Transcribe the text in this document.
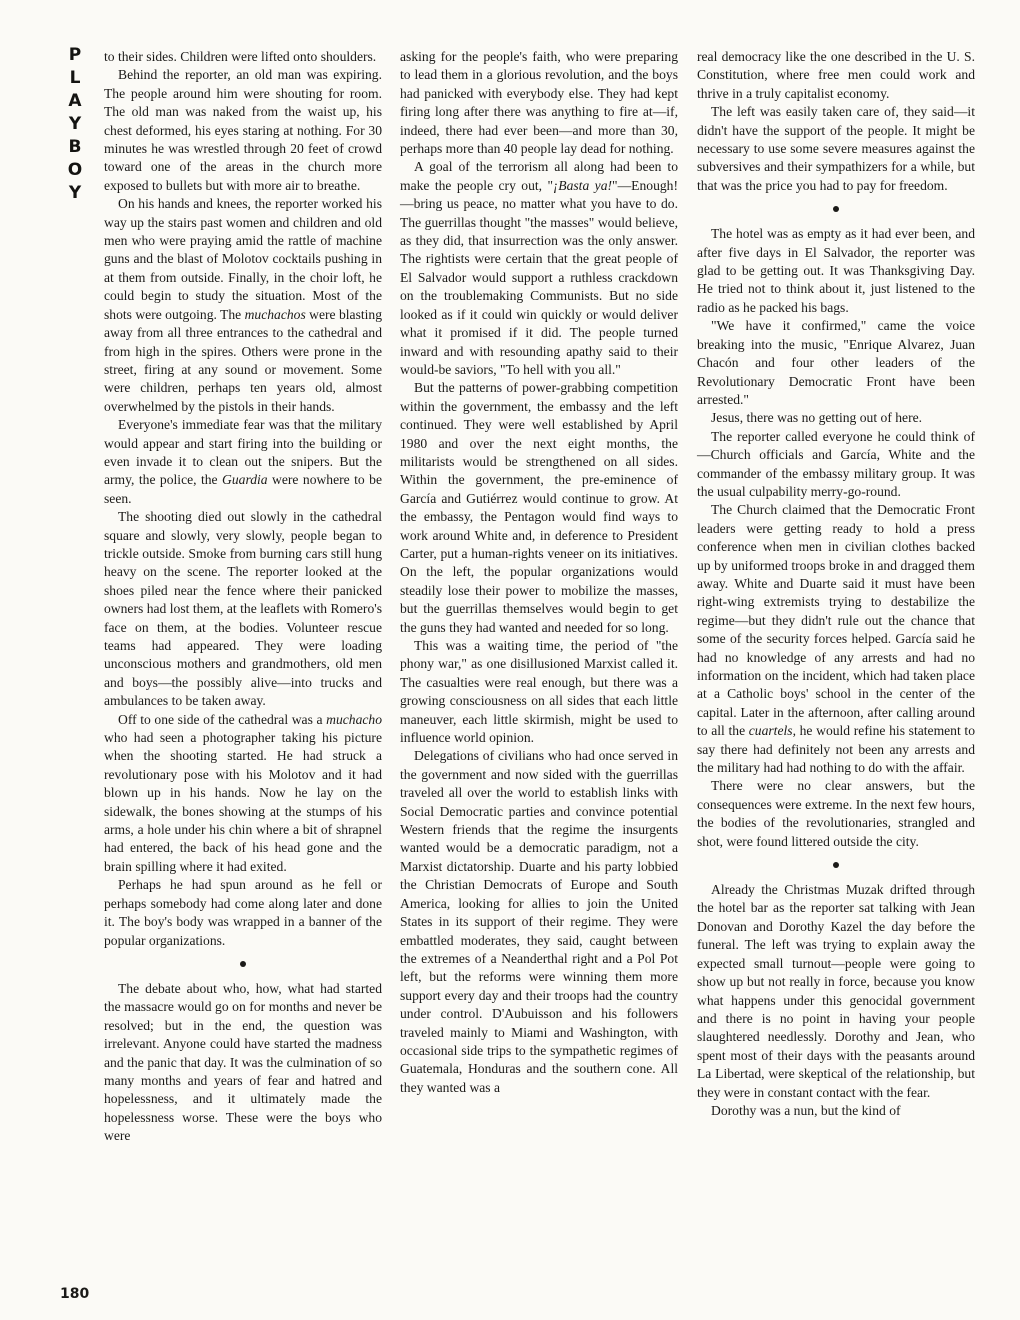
P
L
A
Y
B
O
Y

to their sides. Children were lifted onto shoulders.

Behind the reporter, an old man was expiring. The people around him were shouting for room. The old man was naked from the waist up, his chest deformed, his eyes staring at nothing. For 30 minutes he was wrestled through 20 feet of crowd toward one of the areas in the church more exposed to bullets but with more air to breathe.

On his hands and knees, the reporter worked his way up the stairs past women and children and old men who were praying amid the rattle of machine guns and the blast of Molotov cocktails pushing in at them from outside. Finally, in the choir loft, he could begin to study the situation. Most of the shots were outgoing. The muchachos were blasting away from all three entrances to the cathedral and from high in the spires. Others were prone in the street, firing at any sound or movement. Some were children, perhaps ten years old, almost overwhelmed by the pistols in their hands.

Everyone's immediate fear was that the military would appear and start firing into the building or even invade it to clean out the snipers. But the army, the police, the Guardia were nowhere to be seen.

The shooting died out slowly in the cathedral square and slowly, very slowly, people began to trickle outside. Smoke from burning cars still hung heavy on the scene. The reporter looked at the shoes piled near the fence where their panicked owners had lost them, at the leaflets with Romero's face on them, at the bodies. Volunteer rescue teams had appeared. They were loading unconscious mothers and grandmothers, old men and boys—the possibly alive—into trucks and ambulances to be taken away.

Off to one side of the cathedral was a muchacho who had seen a photographer taking his picture when the shooting started. He had struck a revolutionary pose with his Molotov and it had blown up in his hands. Now he lay on the sidewalk, the bones showing at the stumps of his arms, a hole under his chin where a bit of shrapnel had entered, the back of his head gone and the brain spilling where it had exited.

Perhaps he had spun around as he fell or perhaps somebody had come along later and done it. The boy's body was wrapped in a banner of the popular organizations.

The debate about who, how, what had started the massacre would go on for months and never be resolved; but in the end, the question was irrelevant. Anyone could have started the madness and the panic that day. It was the culmination of so many months and years of fear and hatred and hopelessness, and it ultimately made the hopelessness worse. These were the boys who were

asking for the people's faith, who were preparing to lead them in a glorious revolution, and the boys had panicked with everybody else. They had kept firing long after there was anything to fire at—if, indeed, there had ever been—and more than 30, perhaps more than 40 people lay dead for nothing.

A goal of the terrorism all along had been to make the people cry out, "¡Basta ya!"—Enough!—bring us peace, no matter what you have to do. The guerrillas thought "the masses" would believe, as they did, that insurrection was the only answer. The rightists were certain that the great people of El Salvador would support a ruthless crackdown on the troublemaking Communists. But no side looked as if it could win quickly or would deliver what it promised if it did. The people turned inward and with resounding apathy said to their would-be saviors, "To hell with you all."

But the patterns of power-grabbing competition within the government, the embassy and the left continued. They were well established by April 1980 and over the next eight months, the militarists would be strengthened on all sides. Within the government, the pre-eminence of García and Gutiérrez would continue to grow. At the embassy, the Pentagon would find ways to work around White and, in deference to President Carter, put a human-rights veneer on its initiatives. On the left, the popular organizations would steadily lose their power to mobilize the masses, but the guerrillas themselves would begin to get the guns they had wanted and needed for so long.

This was a waiting time, the period of "the phony war," as one disillusioned Marxist called it. The casualties were real enough, but there was a growing consciousness on all sides that each little maneuver, each little skirmish, might be used to influence world opinion.

Delegations of civilians who had once served in the government and now sided with the guerrillas traveled all over the world to establish links with Social Democratic parties and convince potential Western friends that the regime the insurgents wanted would be a democratic paradigm, not a Marxist dictatorship. Duarte and his party lobbied the Christian Democrats of Europe and South America, looking for allies to join the United States in its support of their regime. They were embattled moderates, they said, caught between the extremes of a Neanderthal right and a Pol Pot left, but the reforms were winning them more support every day and their troops had the country under control. D'Aubuisson and his followers traveled mainly to Miami and Washington, with occasional side trips to the sympathetic regimes of Guatemala, Honduras and the southern cone. All they wanted was a

real democracy like the one described in the U. S. Constitution, where free men could work and thrive in a truly capitalist economy.

The left was easily taken care of, they said—it didn't have the support of the people. It might be necessary to use some severe measures against the subversives and their sympathizers for a while, but that was the price you had to pay for freedom.

The hotel was as empty as it had ever been, and after five days in El Salvador, the reporter was glad to be getting out. It was Thanksgiving Day. He tried not to think about it, just listened to the radio as he packed his bags.

"We have it confirmed," came the voice breaking into the music, "Enrique Alvarez, Juan Chacón and four other leaders of the Revolutionary Democratic Front have been arrested."

Jesus, there was no getting out of here.

The reporter called everyone he could think of—Church officials and García, White and the commander of the embassy military group. It was the usual culpability merry-go-round.

The Church claimed that the Democratic Front leaders were getting ready to hold a press conference when men in civilian clothes backed up by uniformed troops broke in and dragged them away. White and Duarte said it must have been right-wing extremists trying to destabilize the regime—but they didn't rule out the chance that some of the security forces helped. García said he had no knowledge of any arrests and had no information on the incident, which had taken place at a Catholic boys' school in the center of the capital. Later in the afternoon, after calling around to all the cuartels, he would refine his statement to say there had definitely not been any arrests and the military had had nothing to do with the affair.

There were no clear answers, but the consequences were extreme. In the next few hours, the bodies of the revolutionaries, strangled and shot, were found littered outside the city.

Already the Christmas Muzak drifted through the hotel bar as the reporter sat talking with Jean Donovan and Dorothy Kazel the day before the funeral. The left was trying to explain away the expected small turnout—people were going to show up but not really in force, because you know what happens under this genocidal government and there is no point in having your people slaughtered needlessly. Dorothy and Jean, who spent most of their days with the peasants around La Libertad, were skeptical of the relationship, but they were in constant contact with the fear.

Dorothy was a nun, but the kind of

180
